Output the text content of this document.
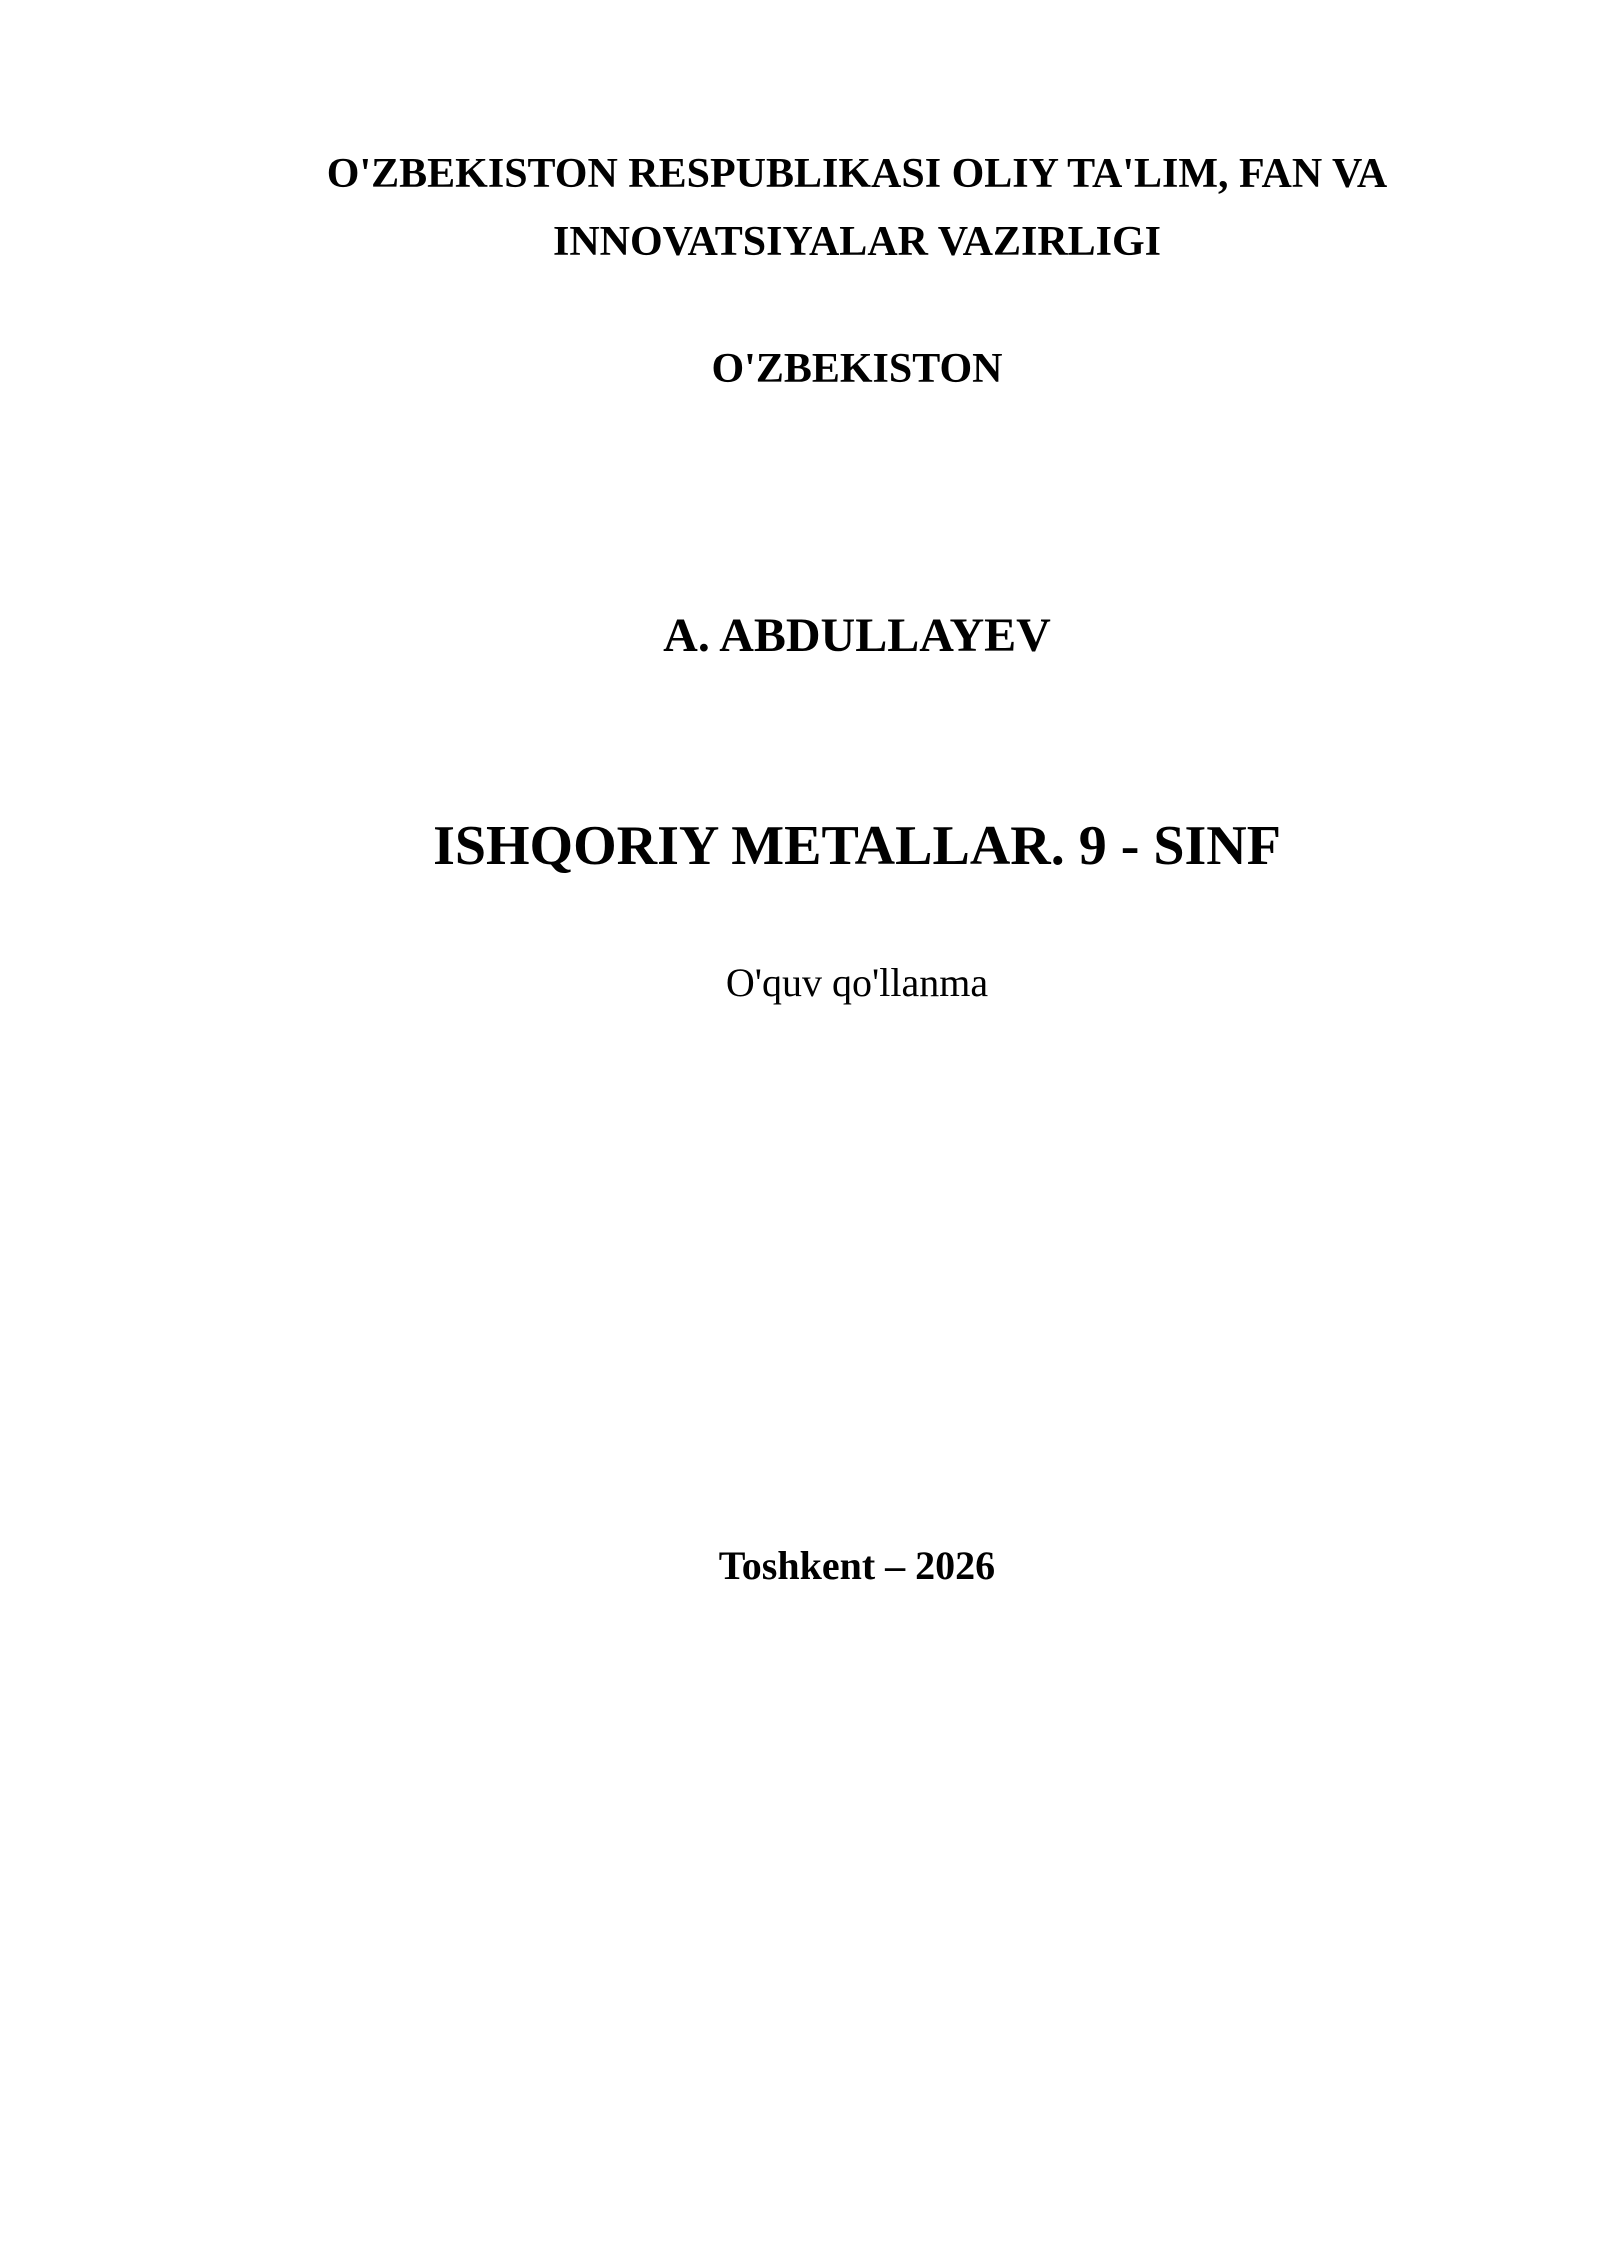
O'ZBEKISTON RESPUBLIKASI OLIY TA'LIM, FAN VA
INNOVATSIYALAR VAZIRLIGI
O'ZBEKISTON
A. ABDULLAYEV
ISHQORIY METALLAR. 9 - SINF
O'quv qo'llanma
Toshkent – 2026
